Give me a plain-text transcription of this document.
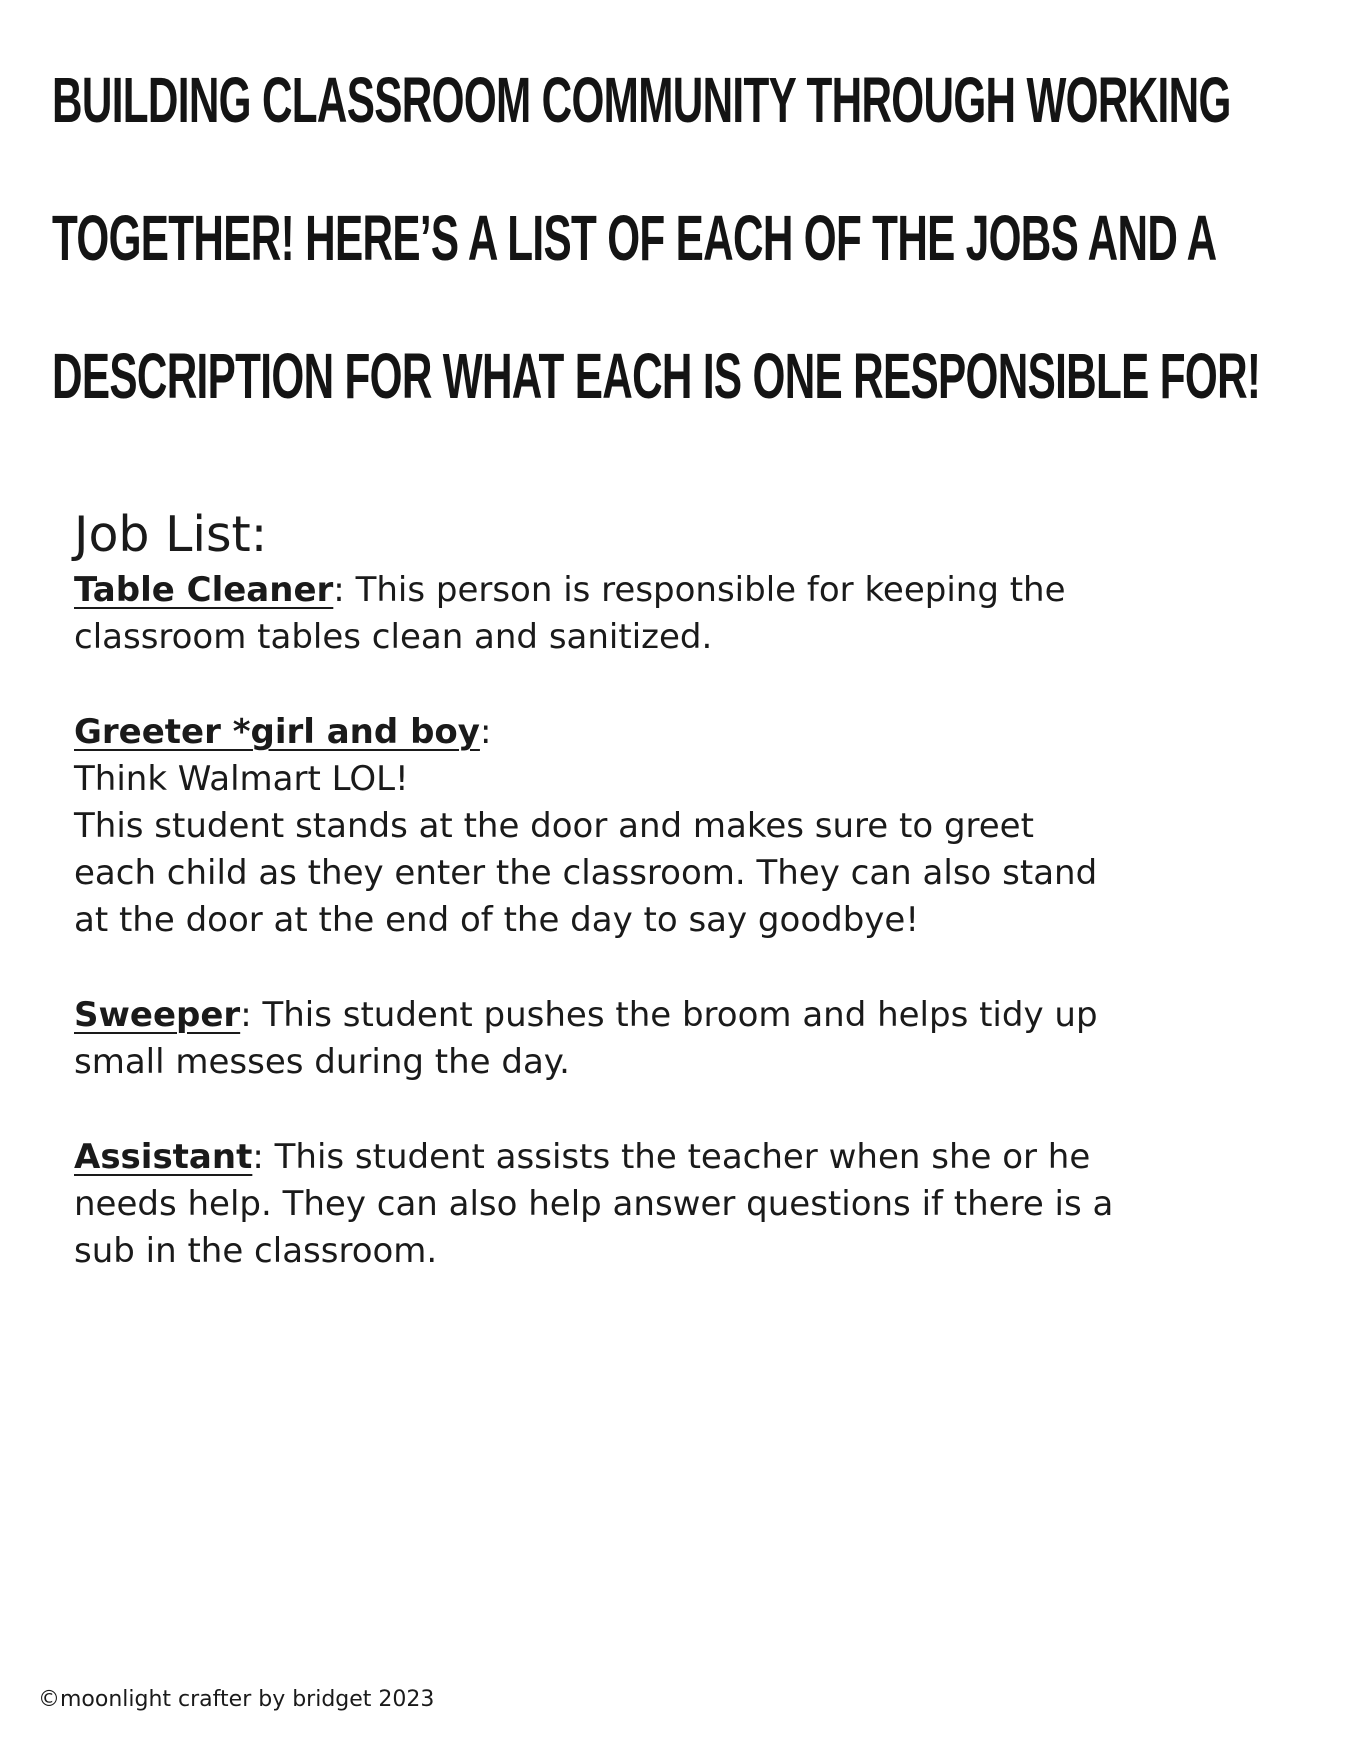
BUILDING CLASSROOM COMMUNITY THROUGH WORKING
TOGETHER! HERE’S A LIST OF EACH OF THE JOBS AND A
DESCRIPTION FOR WHAT EACH IS ONE RESPONSIBLE FOR!
Job List:
Table Cleaner: This person is responsible for keeping the
classroom tables clean and sanitized.
Greeter *girl and boy:
Think Walmart LOL!
This student stands at the door and makes sure to greet
each child as they enter the classroom. They can also stand
at the door at the end of the day to say goodbye!
Sweeper: This student pushes the broom and helps tidy up
small messes during the day.
Assistant: This student assists the teacher when she or he
needs help. They can also help answer questions if there is a
sub in the classroom.
©moonlight crafter by bridget 2023
